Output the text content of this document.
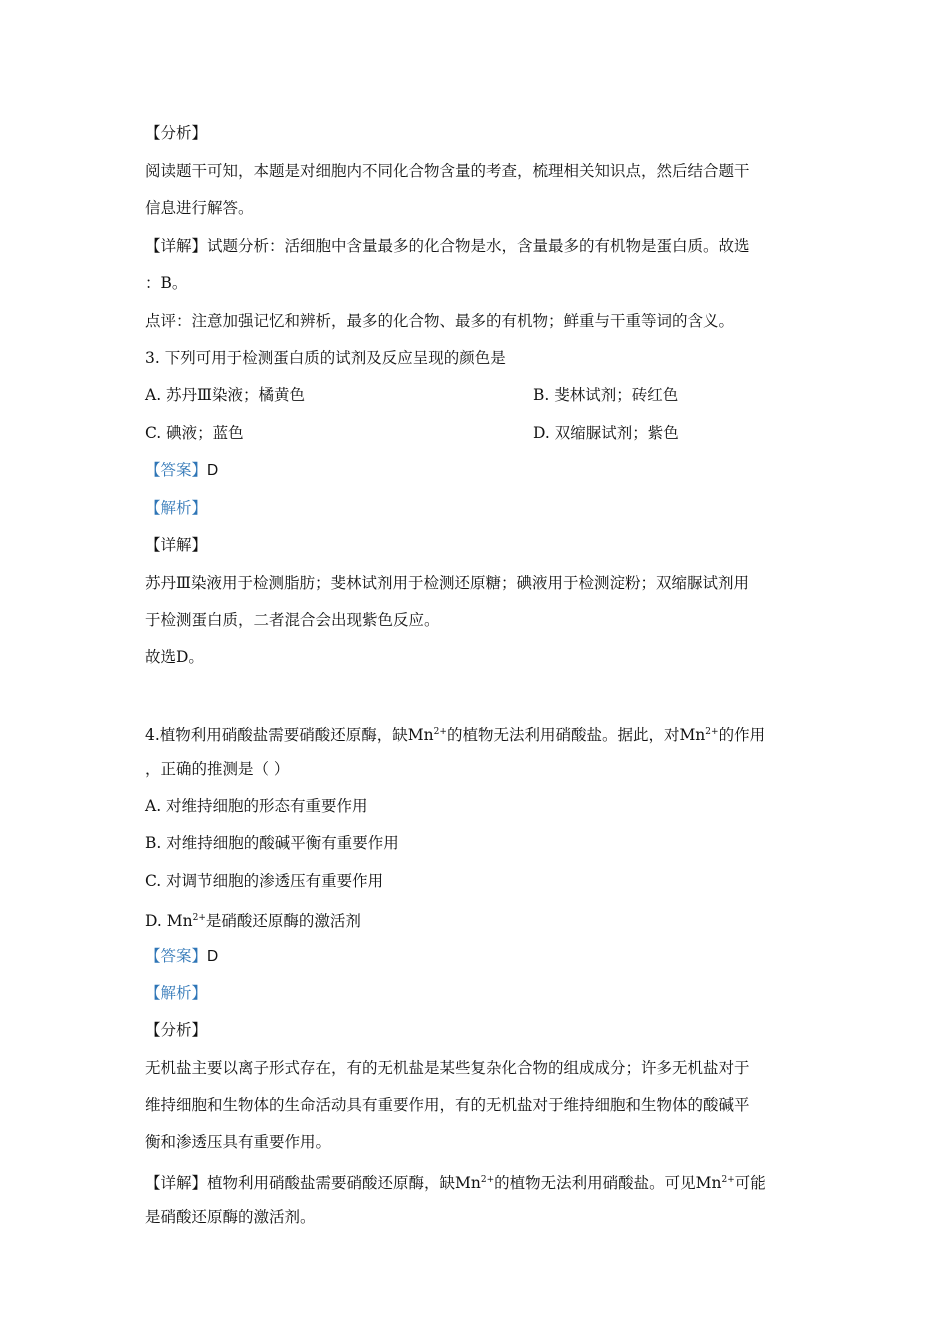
【分析】
阅读题干可知，本题是对细胞内不同化合物含量的考查，梳理相关知识点，然后结合题干
信息进行解答。
【详解】试题分析：活细胞中含量最多的化合物是水，含量最多的有机物是蛋白质。故选
：B。
点评：注意加强记忆和辨析，最多的化合物、最多的有机物；鲜重与干重等词的含义。
3. 下列可用于检测蛋白质的试剂及反应呈现的颜色是
A. 苏丹Ⅲ染液；橘黄色	B. 斐林试剂；砖红色
C. 碘液；蓝色	D. 双缩脲试剂；紫色
【答案】D
【解析】
【详解】
苏丹Ⅲ染液用于检测脂肪；斐林试剂用于检测还原糖；碘液用于检测淀粉；双缩脲试剂用
于检测蛋白质，二者混合会出现紫色反应。
故选D。
4.植物利用硝酸盐需要硝酸还原酶，缺$Mn^{2+}$的植物无法利用硝酸盐。据此，对$Mn^{2+}$的作用
，正确的推测是（ ）
A. 对维持细胞的形态有重要作用
B. 对维持细胞的酸碱平衡有重要作用
C. 对调节细胞的渗透压有重要作用
D. $Mn^{2+}$是硝酸还原酶的激活剂
【答案】D
【解析】
【分析】
无机盐主要以离子形式存在，有的无机盐是某些复杂化合物的组成成分；许多无机盐对于
维持细胞和生物体的生命活动具有重要作用，有的无机盐对于维持细胞和生物体的酸碱平
衡和渗透压具有重要作用。
【详解】植物利用硝酸盐需要硝酸还原酶，缺$Mn^{2+}$的植物无法利用硝酸盐。可见$Mn^{2+}$可能
是硝酸还原酶的激活剂。
